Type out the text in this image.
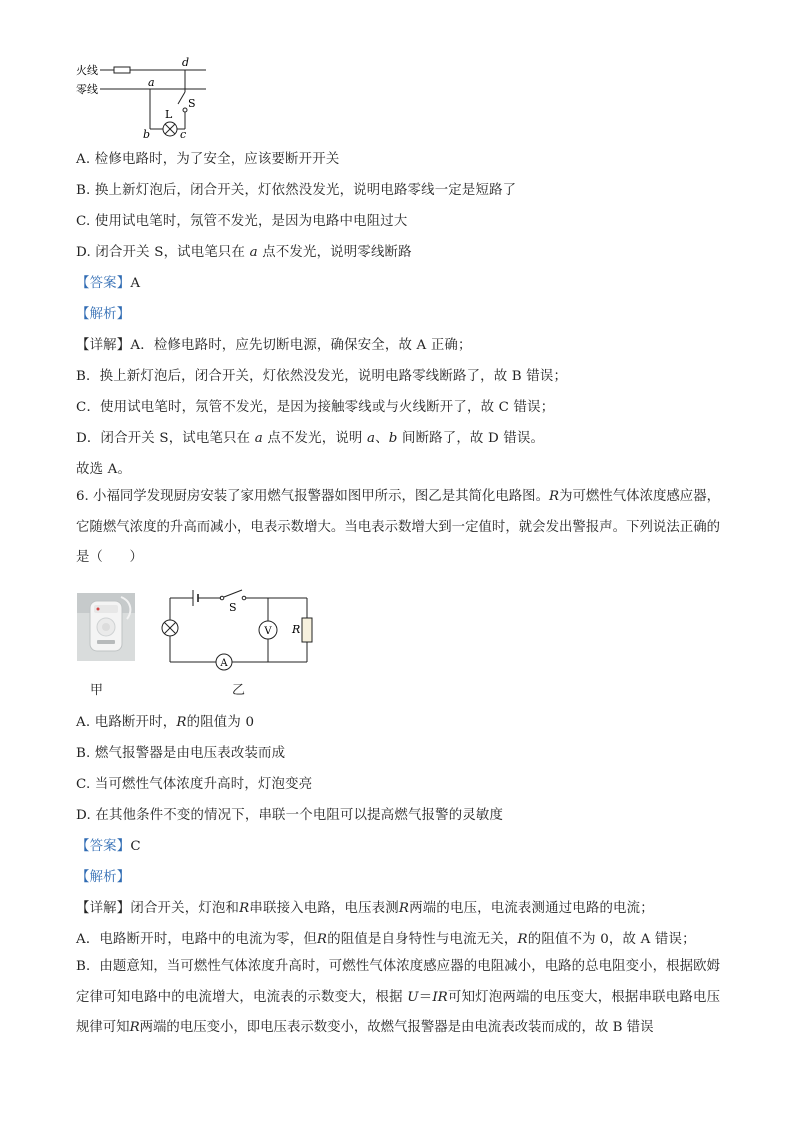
火线
零线
d
a
S
L
b	c
A. 检修电路时，为了安全，应该要断开开关
B. 换上新灯泡后，闭合开关，灯依然没发光，说明电路零线一定是短路了
C. 使用试电笔时，氖管不发光，是因为电路中电阻过大
D. 闭合开关 S，试电笔只在 a 点不发光，说明零线断路
【答案】A
【解析】
【详解】A．检修电路时，应先切断电源，确保安全，故 A 正确；
B．换上新灯泡后，闭合开关，灯依然没发光，说明电路零线断路了，故 B 错误；
C．使用试电笔时，氖管不发光，是因为接触零线或与火线断开了，故 C 错误；
D．闭合开关 S，试电笔只在 a 点不发光，说明 a、b 间断路了，故 D 错误。
故选 A。
6. 小福同学发现厨房安装了家用燃气报警器如图甲所示，图乙是其简化电路图。R为可燃性气体浓度感应器，它随燃气浓度的升高而减小，电表示数增大。当电表示数增大到一定值时，就会发出警报声。下列说法正确的是（　　）
甲
S
V R
A
乙
A. 电路断开时，R的阻值为 0
B. 燃气报警器是由电压表改装而成
C. 当可燃性气体浓度升高时，灯泡变亮
D. 在其他条件不变的情况下，串联一个电阻可以提高燃气报警的灵敏度
【答案】C
【解析】
【详解】闭合开关，灯泡和R串联接入电路，电压表测R两端的电压，电流表测通过电路的电流；
A．电路断开时，电路中的电流为零，但R的阻值是自身特性与电流无关，R的阻值不为 0，故 A 错误；
B．由题意知，当可燃性气体浓度升高时，可燃性气体浓度感应器的电阻减小，电路的总电阻变小，根据欧姆定律可知电路中的电流增大，电流表的示数变大，根据 U＝IR可知灯泡两端的电压变大，根据串联电路电压规律可知R两端的电压变小，即电压表示数变小，故燃气报警器是由电流表改装而成的，故 B 错误
